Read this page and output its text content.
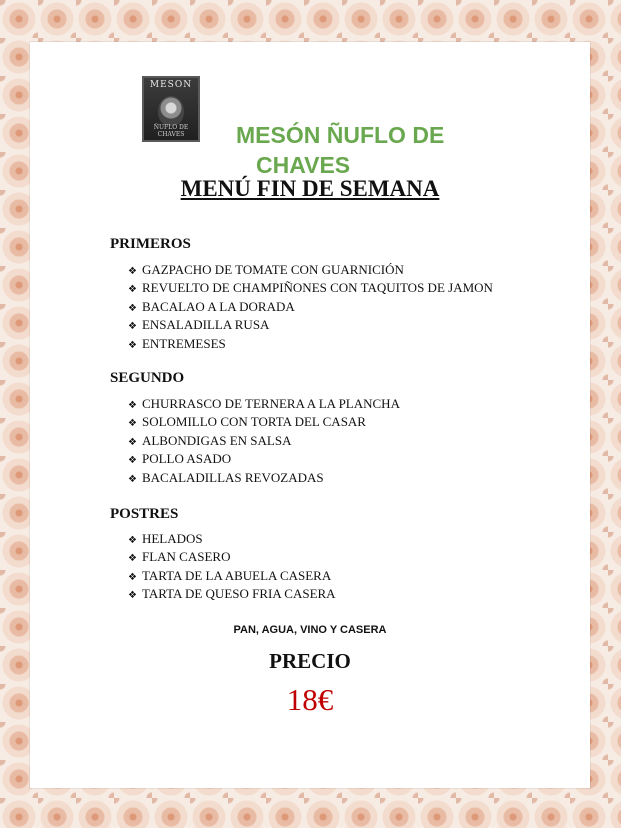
MESON
ÑUFLO DE CHAVES	MESÓN ÑUFLO DE
CHAVES
MENÚ FIN DE SEMANA
PRIMEROS
❖ GAZPACHO DE TOMATE CON GUARNICIÓN
❖ REVUELTO DE CHAMPIÑONES CON TAQUITOS DE JAMON
❖ BACALAO A LA DORADA
❖ ENSALADILLA RUSA
❖ ENTREMESES
SEGUNDO
❖ CHURRASCO DE TERNERA A LA PLANCHA
❖ SOLOMILLO CON TORTA DEL CASAR
❖ ALBONDIGAS EN SALSA
❖ POLLO ASADO
❖ BACALADILLAS REVOZADAS
POSTRES
❖ HELADOS
❖ FLAN CASERO
❖ TARTA DE LA ABUELA CASERA
❖ TARTA DE QUESO FRIA CASERA
PAN, AGUA, VINO Y CASERA
PRECIO
18€
